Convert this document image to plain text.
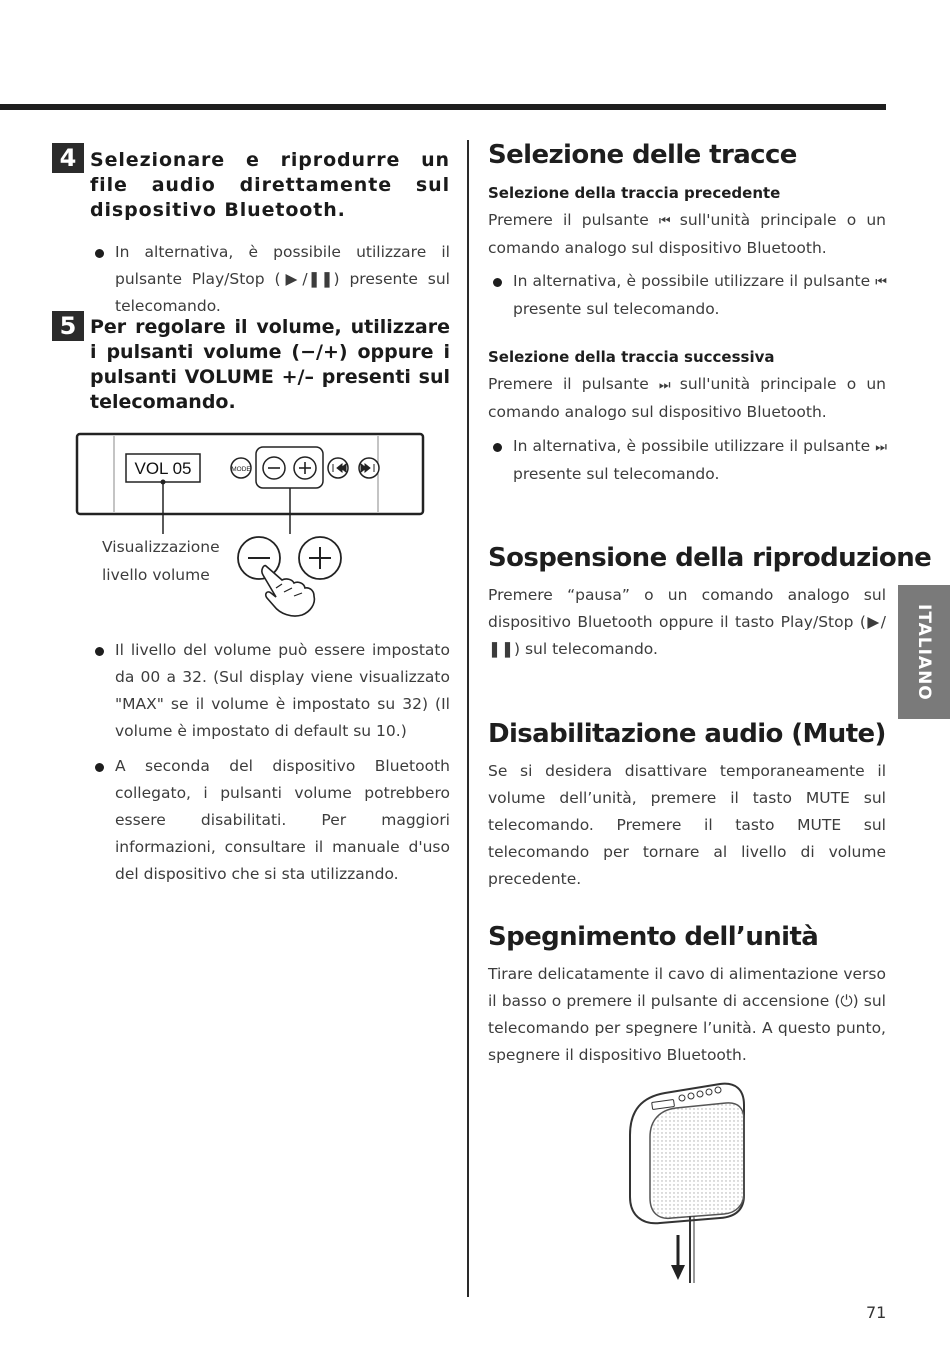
4 Selezionare e riprodurre un file audio direttamente sul dispositivo Bluetooth.

In alternativa, è possibile utilizzare il pulsante Play/Stop (▶/❚❚) presente sul telecomando.

5 Per regolare il volume, utilizzare i pulsanti volume (−/+) oppure i pulsanti VOLUME +/– presenti sul telecomando.

VOL 05	MODE
Visualizzazione
livello volume

Il livello del volume può essere impostato da 00 a 32. (Sul display viene visualizzato "MAX" se il volume è impostato su 32) (Il volume è impostato di default su 10.)

A seconda del dispositivo Bluetooth collegato, i pulsanti volume potrebbero essere disabilitati. Per maggiori informazioni, consultare il manuale d'uso del dispositivo che si sta utilizzando.

Selezione delle tracce
Selezione della traccia precedente
Premere il pulsante ⏮ sull'unità principale o un comando analogo sul dispositivo Bluetooth.

In alternativa, è possibile utilizzare il pulsante ⏮ presente sul telecomando.

Selezione della traccia successiva
Premere il pulsante ⏭ sull'unità principale o un comando analogo sul dispositivo Bluetooth.

In alternativa, è possibile utilizzare il pulsante ⏭ presente sul telecomando.

Sospensione della riproduzione

Premere “pausa” o un comando analogo sul dispositivo Bluetooth oppure il tasto Play/Stop (▶/❚❚) sul telecomando.

Disabilitazione audio (Mute)

Se si desidera disattivare temporaneamente il volume dell’unità, premere il tasto MUTE sul telecomando. Premere il tasto MUTE sul telecomando per tornare al livello di volume precedente.

Spegnimento dell’unità

Tirare delicatamente il cavo di alimentazione verso il basso o premere il pulsante di accensione (⏻) sul telecomando per spegnere l’unità. A questo punto, spegnere il dispositivo Bluetooth.

ITALIANO
71
